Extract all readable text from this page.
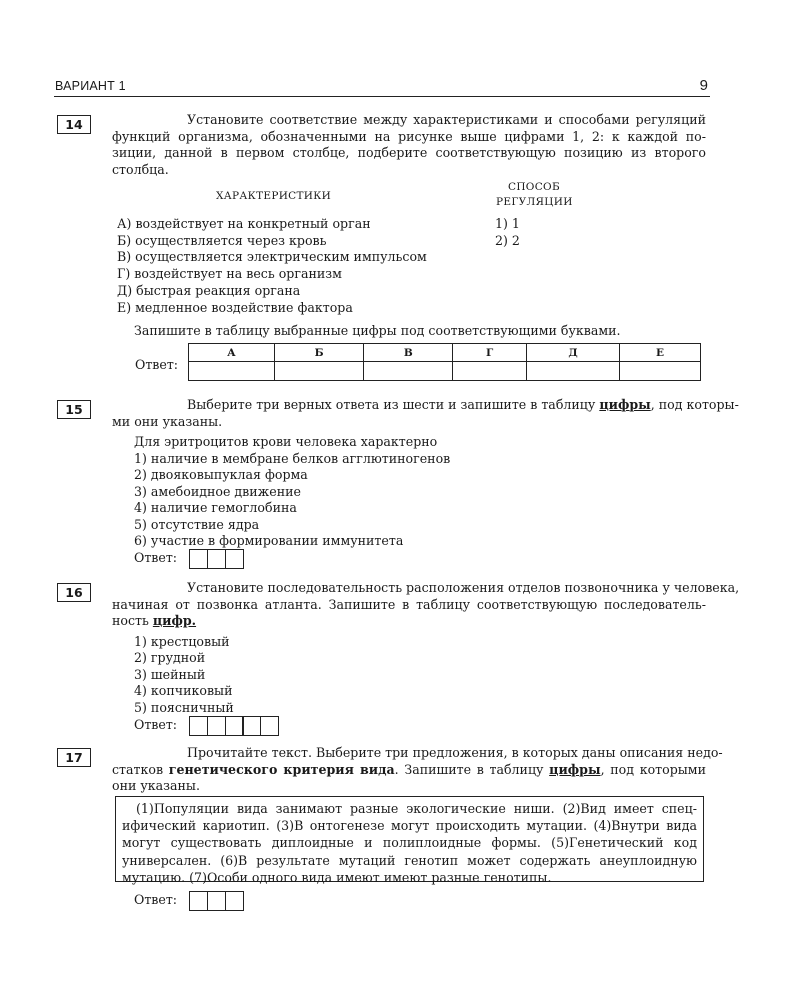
ВАРИАНТ 1	9
14	Установите соответствие между характеристиками и способами регуляций
функций организма, обозначенными на рисунке выше цифрами 1, 2: к каждой по-
зиции, данной в первом столбце, подберите соответствующую позицию из второго
столбца.
ХАРАКТЕРИСТИКИ
СПОСОБ
РЕГУЛЯЦИИ
А) воздействует на конкретный орган
Б) осуществляется через кровь
В) осуществляется электрическим импульсом
Г) воздействует на весь организм
Д) быстрая реакция органа
Е) медленное воздействие фактора
1) 1
2) 2
Запишите в таблицу выбранные цифры под соответствующими буквами.
Ответ:
А	Б	В	Г	Д	Е

15	Выберите три верных ответа из шести и запишите в таблицу цифры, под которы-
ми они указаны.
Для эритроцитов крови человека характерно
1) наличие в мембране белков агглютиногенов
2) двояковыпуклая форма
3) амебоидное движение
4) наличие гемоглобина
5) отсутствие ядра
6) участие в формировании иммунитета
Ответ:
16	Установите последовательность расположения отделов позвоночника у человека,
начиная от позвонка атланта. Запишите в таблицу соответствующую последователь-
ность цифр.
1) крестцовый
2) грудной
3) шейный
4) копчиковый
5) поясничный
Ответ:
17	Прочитайте текст. Выберите три предложения, в которых даны описания недо-
статков генетического критерия вида. Запишите в таблицу цифры, под которыми
они указаны.
(1)Популяции вида занимают разные экологические ниши. (2)Вид имеет спец-
ифический кариотип. (3)В онтогенезе могут происходить мутации. (4)Внутри вида
могут существовать диплоидные и полиплоидные формы. (5)Генетический код
универсален. (6)В результате мутаций генотип может содержать анеуплоидную
мутацию. (7)Особи одного вида имеют имеют разные генотипы.
Ответ:
